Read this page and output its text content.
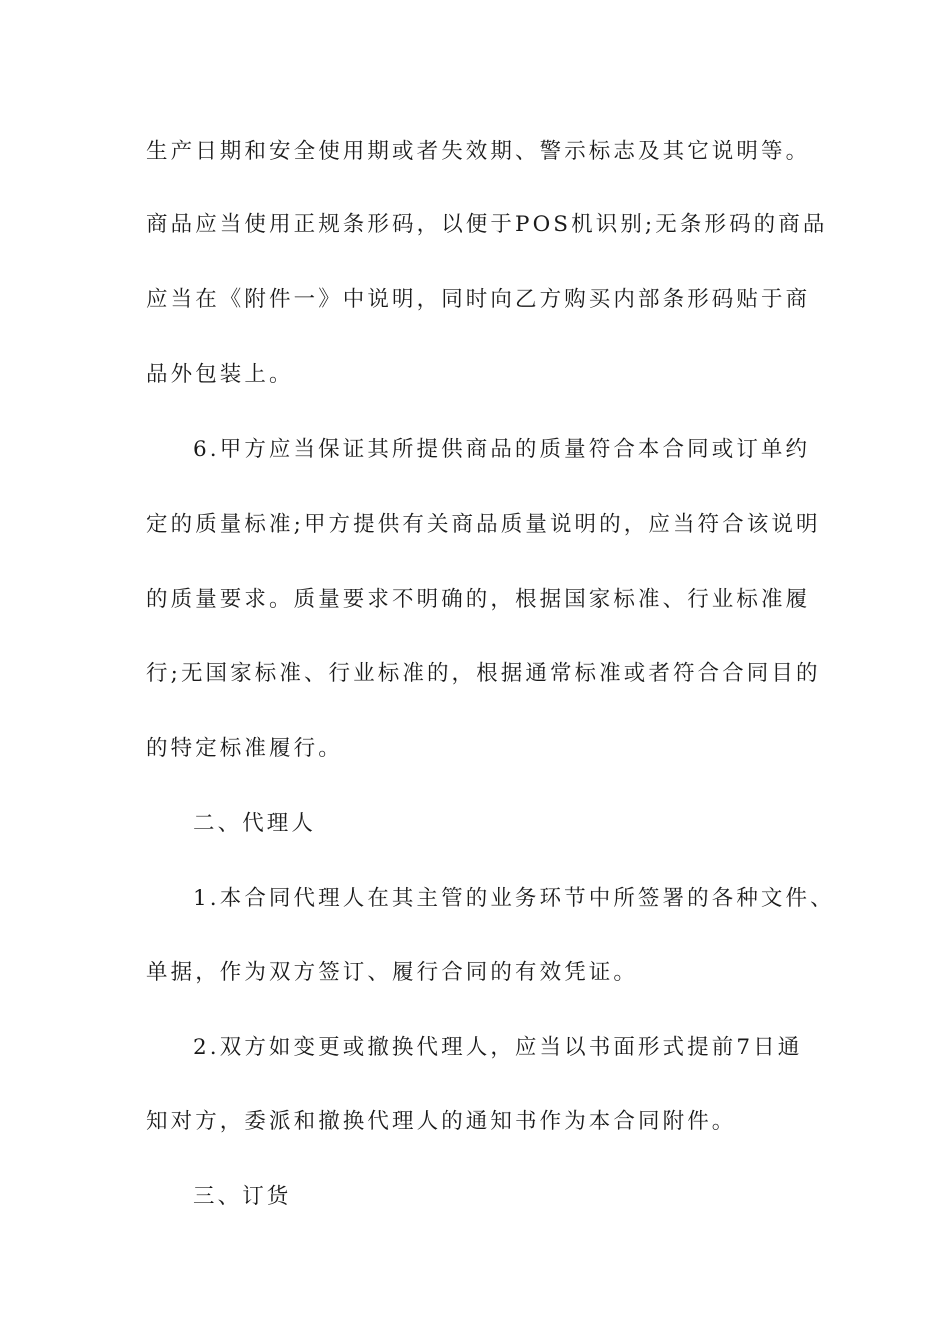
生产日期和安全使用期或者失效期、警示标志及其它说明等。
商品应当使用正规条形码，以便于POS机识别;无条形码的商品
应当在《附件一》中说明，同时向乙方购买内部条形码贴于商
品外包装上。
6.甲方应当保证其所提供商品的质量符合本合同或订单约
定的质量标准;甲方提供有关商品质量说明的，应当符合该说明
的质量要求。质量要求不明确的，根据国家标准、行业标准履
行;无国家标准、行业标准的，根据通常标准或者符合合同目的
的特定标准履行。
二、代理人
1.本合同代理人在其主管的业务环节中所签署的各种文件、
单据，作为双方签订、履行合同的有效凭证。
2.双方如变更或撤换代理人，应当以书面形式提前7日通
知对方，委派和撤换代理人的通知书作为本合同附件。
三、订货
